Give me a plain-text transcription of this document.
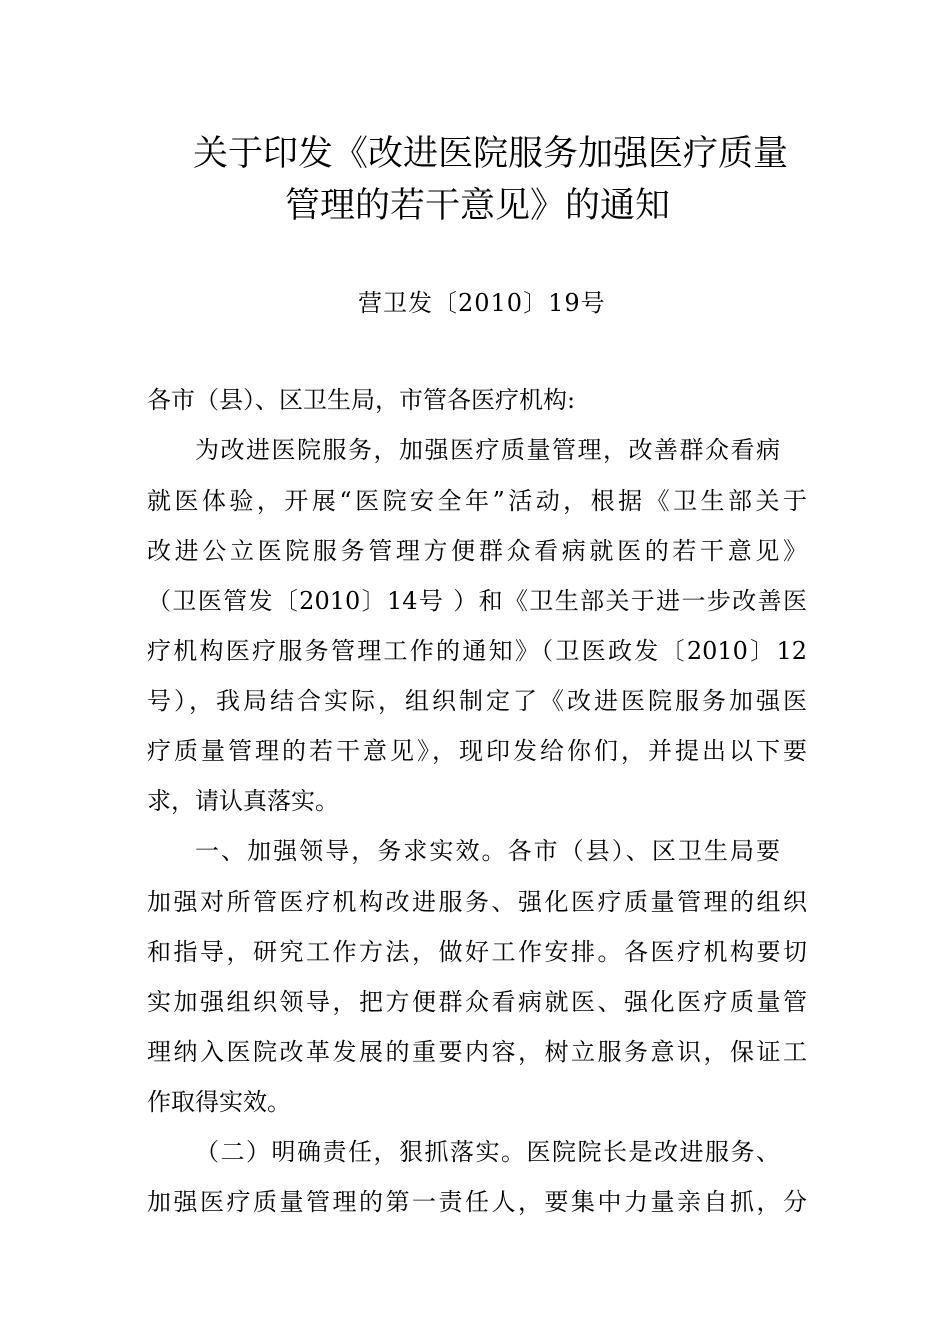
关于印发《改进医院服务加强医疗质量
管理的若干意见》的通知
营卫发〔2010〕19号
各市（县）、区卫生局，市管各医疗机构:
为改进医院服务，加强医疗质量管理，改善群众看病
就医体验，开展“医院安全年”活动，根据《卫生部关于
改进公立医院服务管理方便群众看病就医的若干意见》
（卫医管发〔2010〕14号 ）和《卫生部关于进一步改善医
疗机构医疗服务管理工作的通知》（卫医政发〔2010〕12
号），我局结合实际，组织制定了《改进医院服务加强医
疗质量管理的若干意见》，现印发给你们，并提出以下要
求，请认真落实。
一、加强领导，务求实效。各市（县）、区卫生局要
加强对所管医疗机构改进服务、强化医疗质量管理的组织
和指导，研究工作方法，做好工作安排。各医疗机构要切
实加强组织领导，把方便群众看病就医、强化医疗质量管
理纳入医院改革发展的重要内容，树立服务意识，保证工
作取得实效。
（二）明确责任，狠抓落实。医院院长是改进服务、
加强医疗质量管理的第一责任人，要集中力量亲自抓，分
